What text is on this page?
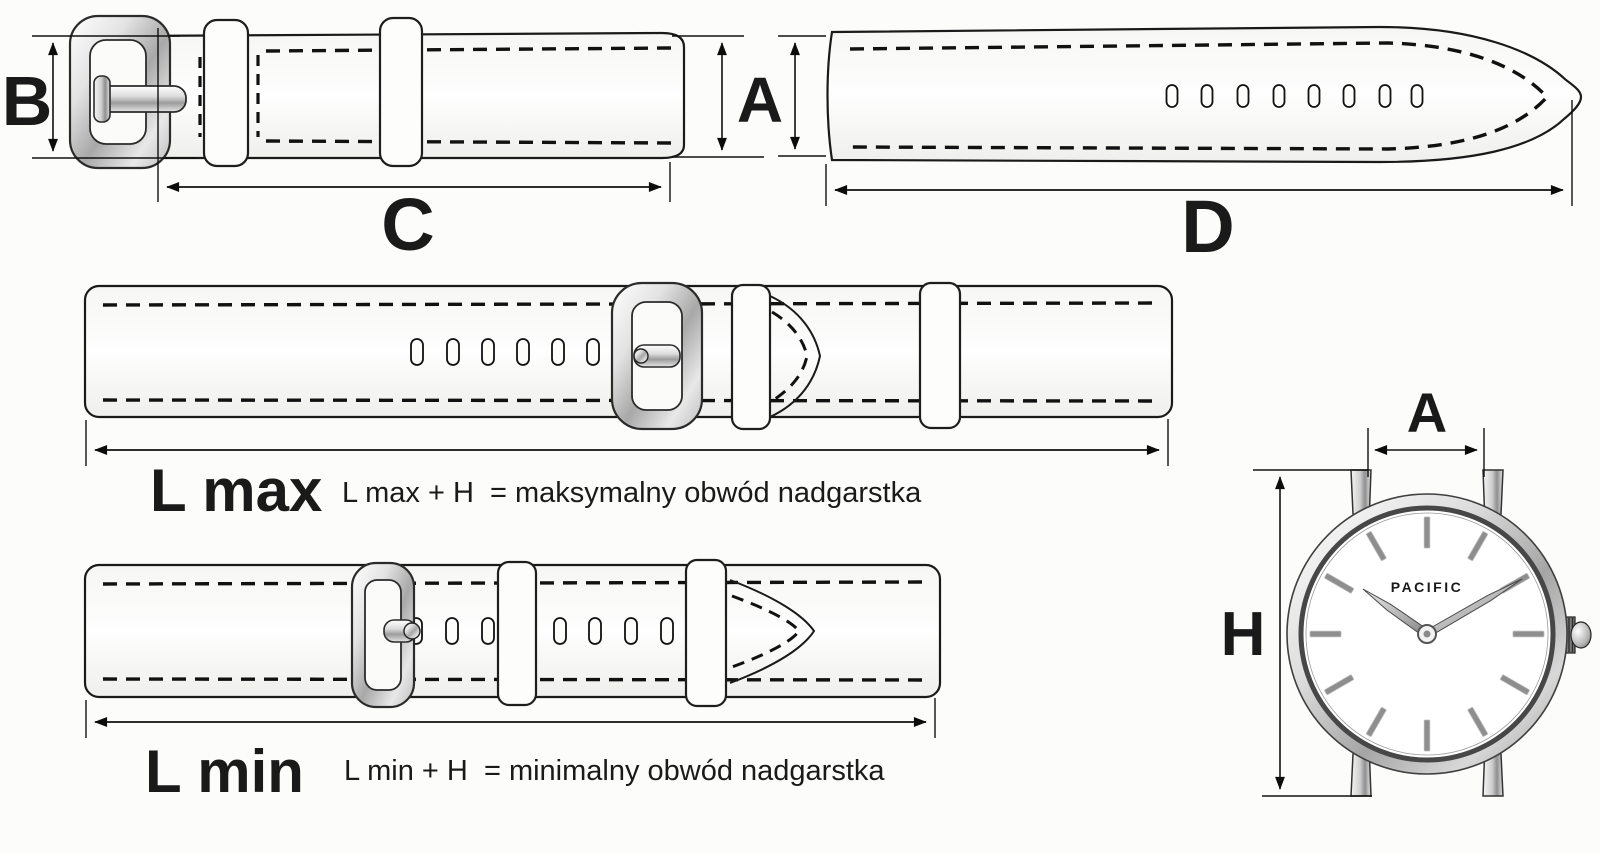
B
C
A
D
L max L max + H  = maksymalny obwód nadgarstka
L min L min + H  = minimalny obwód nadgarstka
PACIFIC
A
H
